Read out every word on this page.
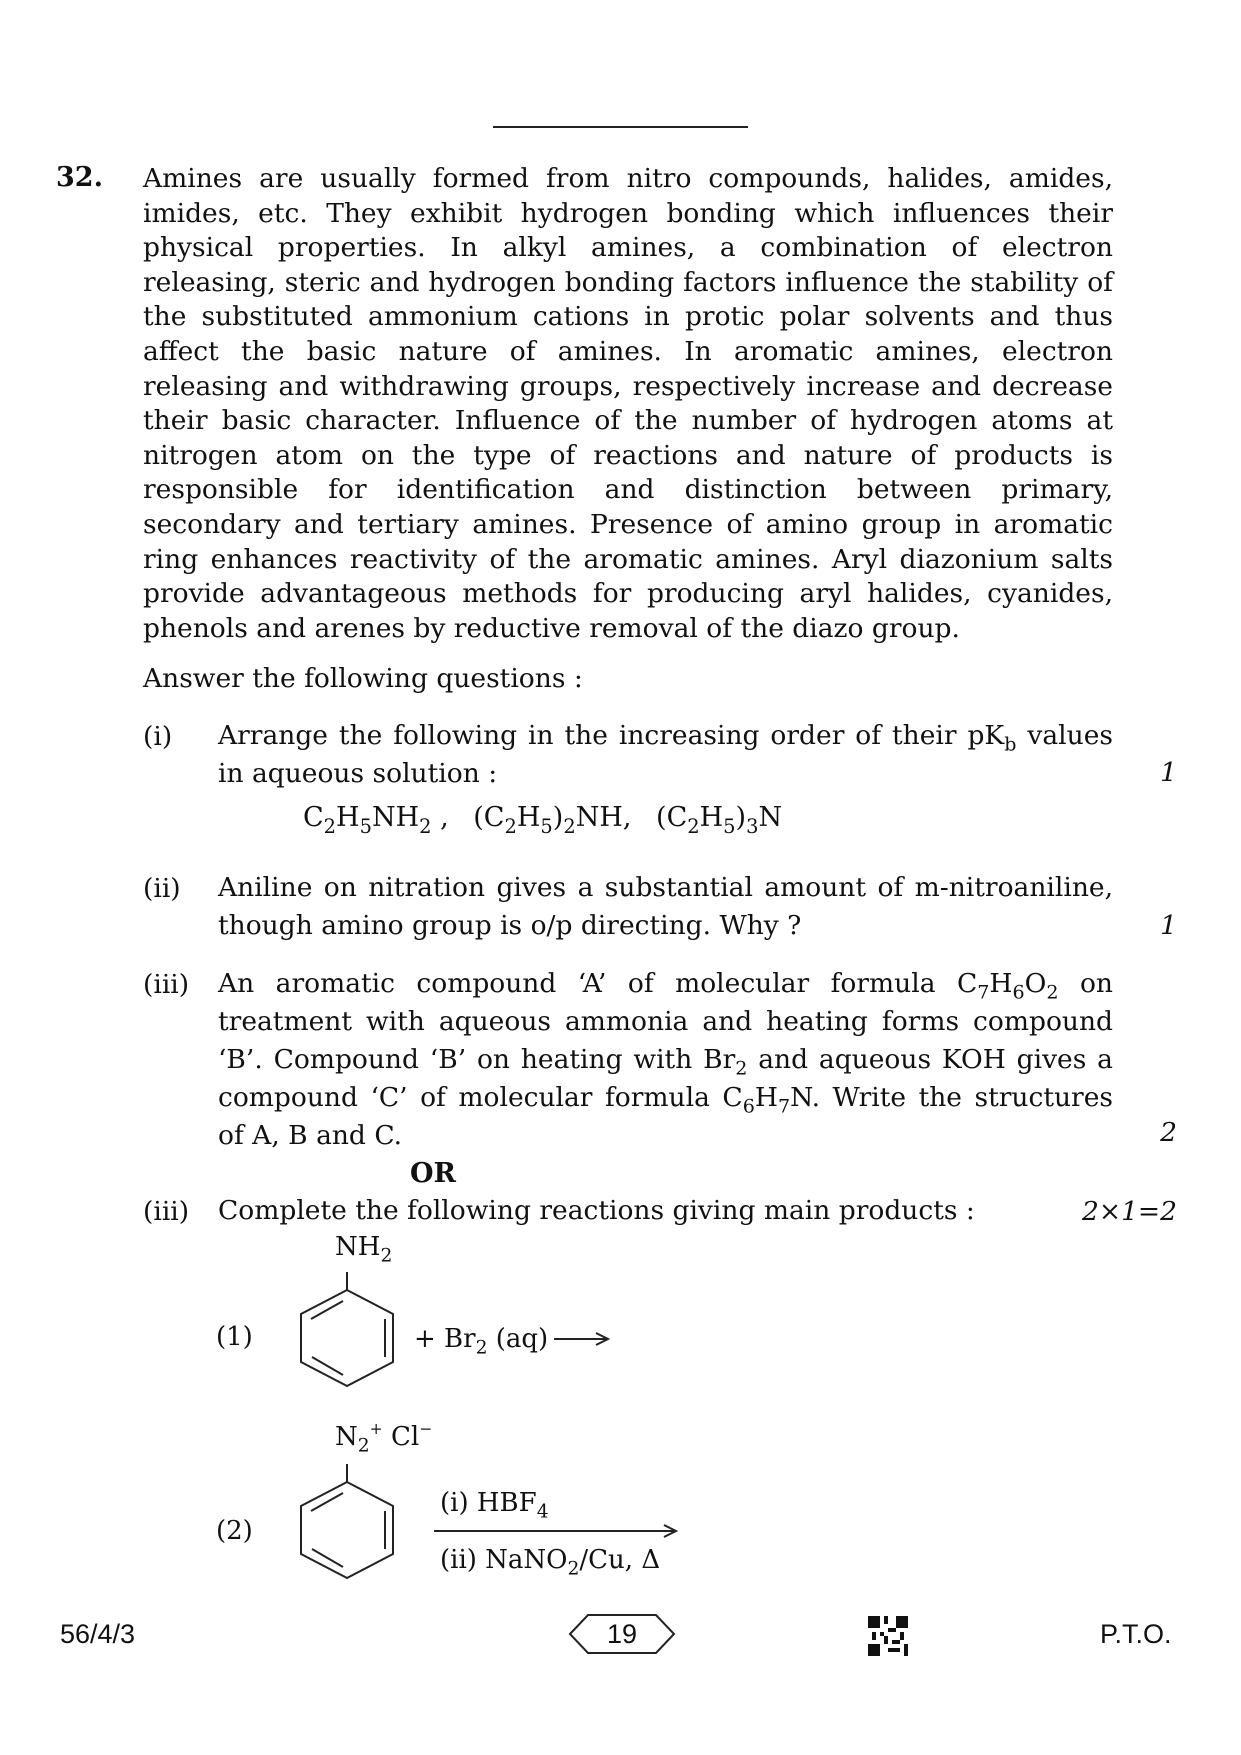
32. Amines are usually formed from nitro compounds, halides, amides, imides, etc. They exhibit hydrogen bonding which influences their physical properties. In alkyl amines, a combination of electron releasing, steric and hydrogen bonding factors influence the stability of the substituted ammonium cations in protic polar solvents and thus affect the basic nature of amines. In aromatic amines, electron releasing and withdrawing groups, respectively increase and decrease their basic character. Influence of the number of hydrogen atoms at nitrogen atom on the type of reactions and nature of products is responsible for identification and distinction between primary, secondary and tertiary amines. Presence of amino group in aromatic ring enhances reactivity of the aromatic amines. Aryl diazonium salts provide advantageous methods for producing aryl halides, cyanides, phenols and arenes by reductive removal of the diazo group.
Answer the following questions :
(i) Arrange the following in the increasing order of their $pK_b$ values in aqueous solution :	1
$C_2H_5NH_2$ , $(C_2H_5)_2NH$, $(C_2H_5)_3N$
(ii) Aniline on nitration gives a substantial amount of m-nitroaniline, though amino group is o/p directing. Why ?	1
(iii) An aromatic compound ‘A’ of molecular formula $C_7H_6O_2$ on treatment with aqueous ammonia and heating forms compound ‘B’. Compound ‘B’ on heating with $Br_2$ and aqueous KOH gives a compound ‘C’ of molecular formula $C_6H_7N$. Write the structures of A, B and C.	2
OR
(iii) Complete the following reactions giving main products :	2×1=2
$NH_2$
(1)	+ $Br_2$ (aq) →
$N_2^+$ Cl−
(2)
(i) $HBF_4$
(ii) NaNO$_2$/Cu, Δ
56/4/3	19	P.T.O.
